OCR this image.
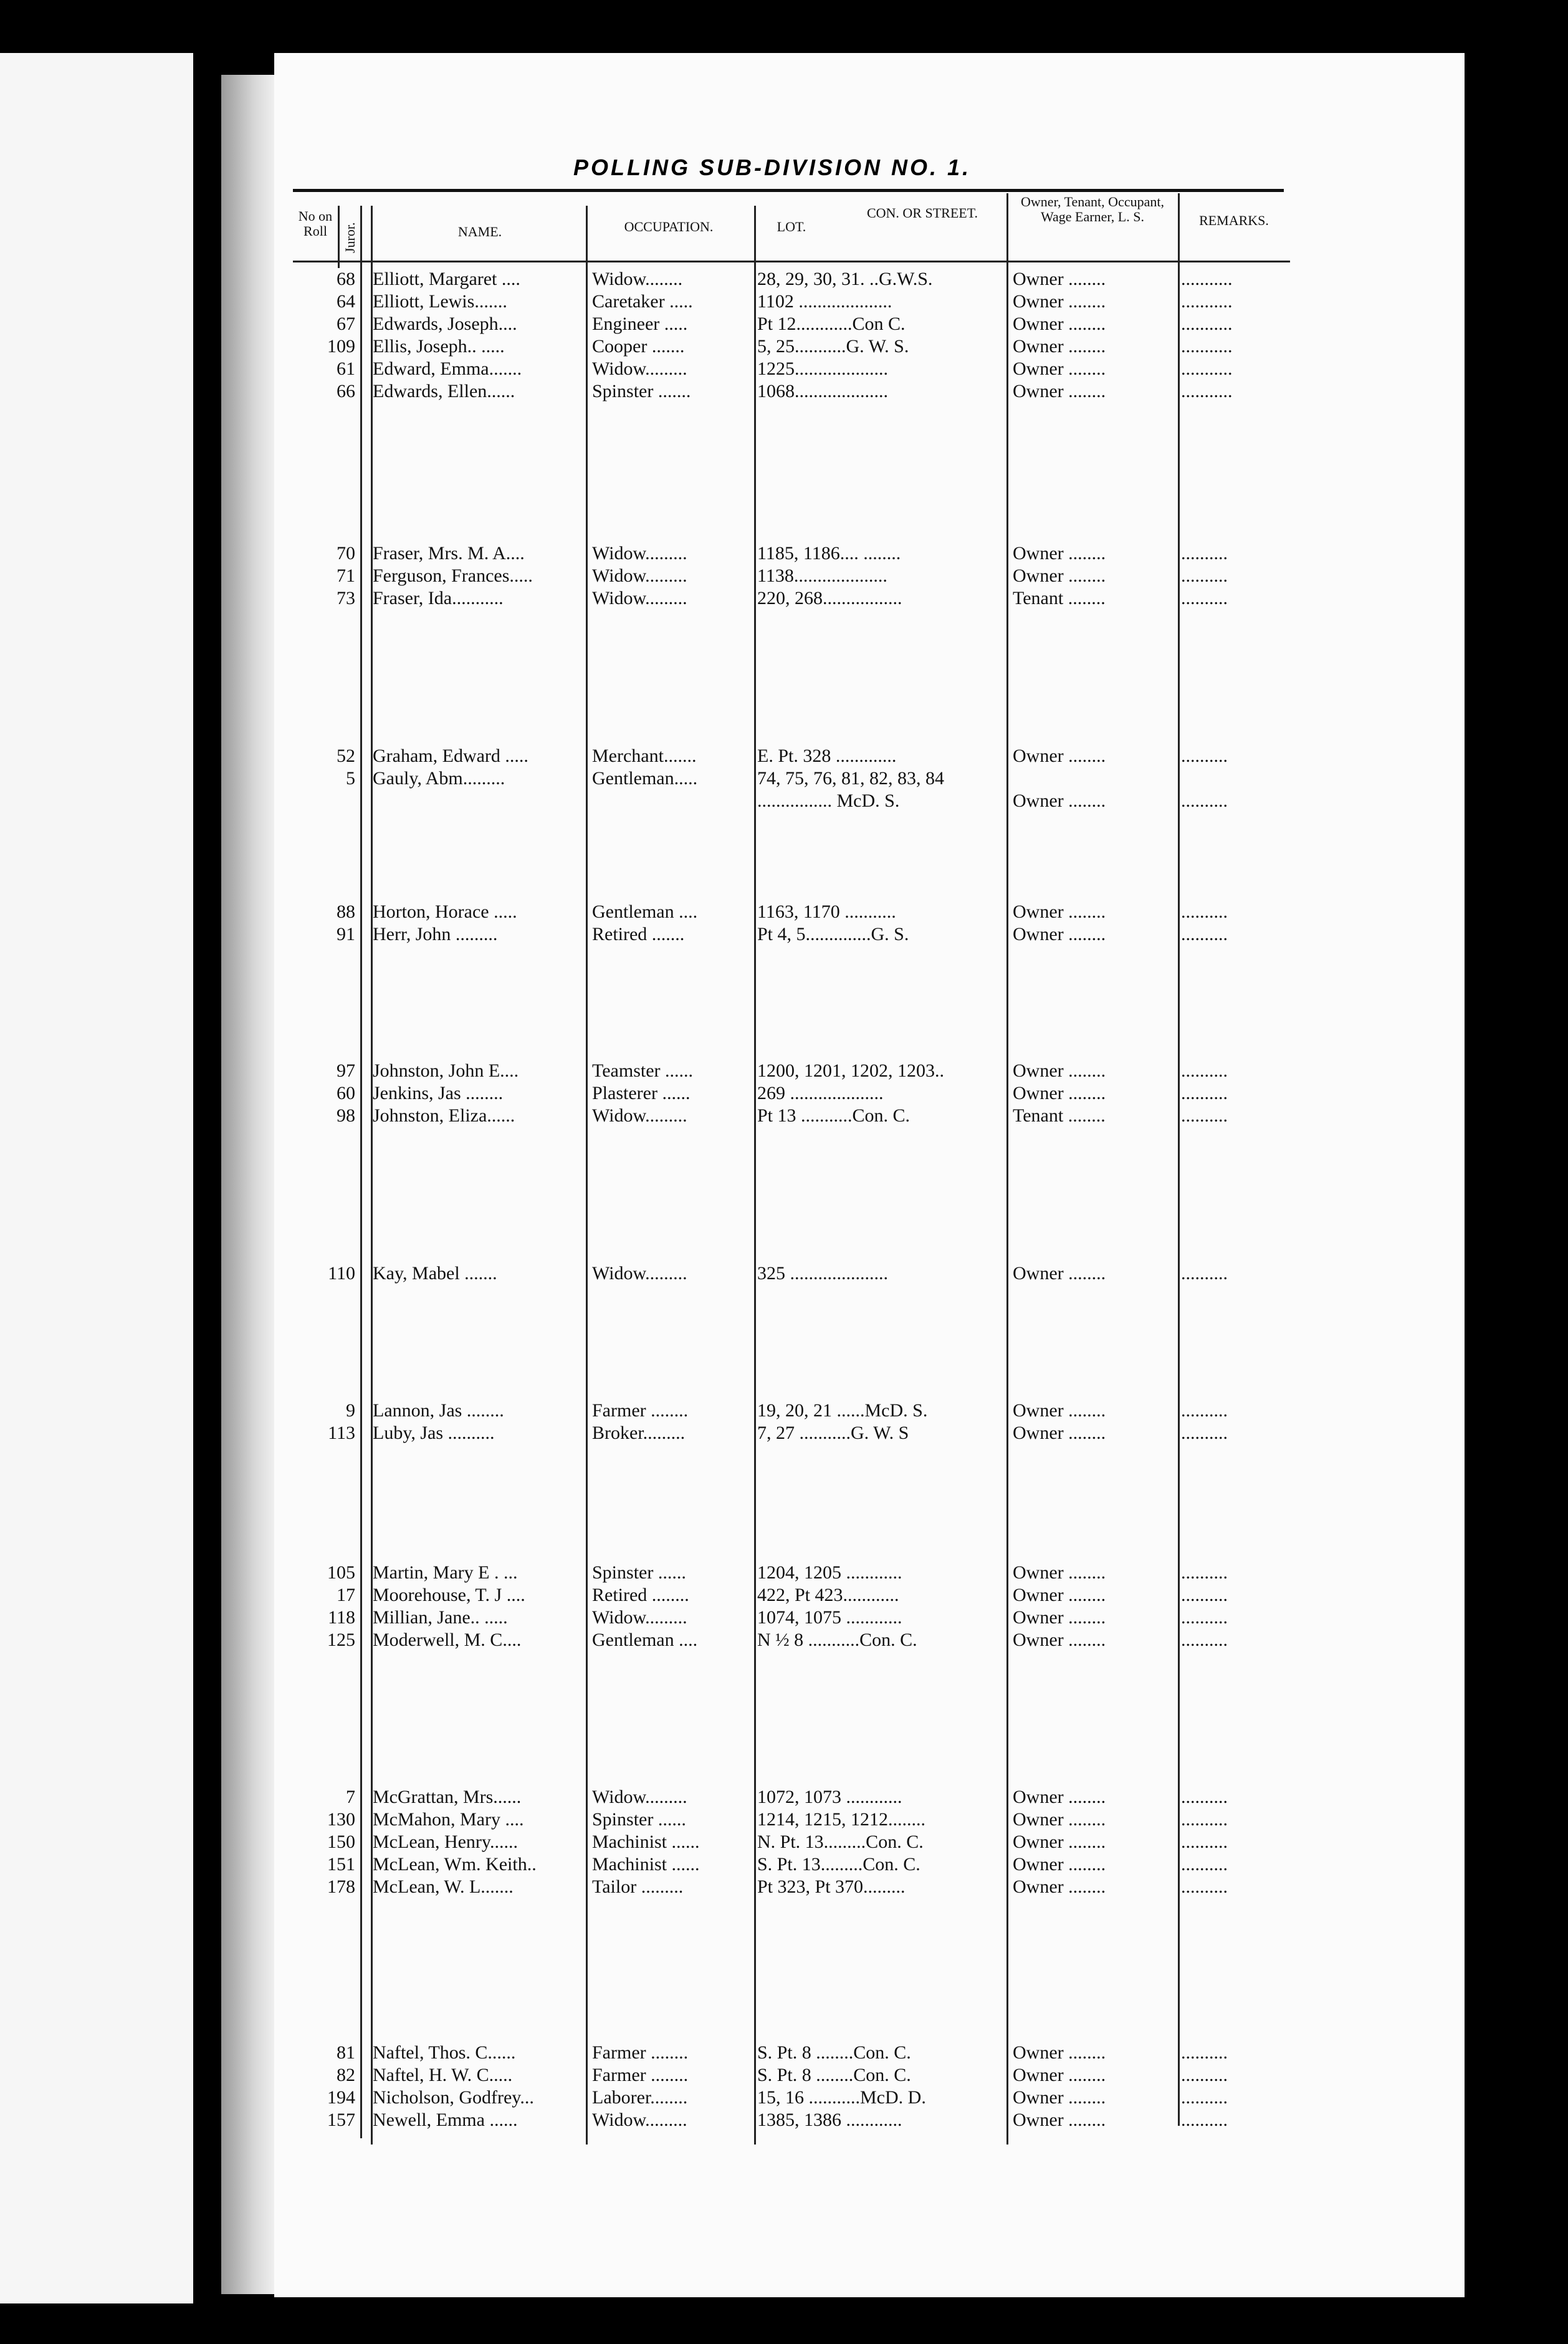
POLLING SUB-DIVISION NO. 1.
No on Roll	Juror.	NAME.	OCCUPATION.	LOT.
CON. OR STREET.
Owner, Tenant, Occupant, Wage Earner, L. S.	REMARKS.
68 Elliott, Margaret ....	Widow........	28, 29, 30, 31. ..G.W.S.	Owner ........	...........
64 Elliott, Lewis.......	Caretaker .....	1102 ....................	Owner ........	...........
67 Edwards, Joseph....	Engineer .....	Pt 12............Con C.	Owner ........	...........
109 Ellis, Joseph.. .....	Cooper .......	5, 25...........G. W. S.	Owner ........	...........
61 Edward, Emma.......	Widow.........	1225....................	Owner ........	...........
66 Edwards, Ellen......	Spinster .......	1068....................	Owner ........	...........
70 Fraser, Mrs. M. A....	Widow.........	1185, 1186.... ........	Owner ........	..........
71 Ferguson, Frances.....	Widow.........	1138....................	Owner ........	..........
73 Fraser, Ida...........	Widow.........	220, 268.................	Tenant ........	..........
52 Graham, Edward .....	Merchant.......	E. Pt. 328 .............	Owner ........	..........
5 Gauly, Abm.........	Gentleman.....	74, 75, 76, 81, 82, 83, 84
................ McD. S.	Owner ........	..........
88 Horton, Horace .....	Gentleman ....	1163, 1170 ...........	Owner ........	..........
91 Herr, John .........	Retired .......	Pt 4, 5..............G. S.	Owner ........	..........
97 Johnston, John E....	Teamster ......	1200, 1201, 1202, 1203..	Owner ........	..........
60 Jenkins, Jas ........	Plasterer ......	269 ....................	Owner ........	..........
98 Johnston, Eliza......	Widow.........	Pt 13 ...........Con. C.	Tenant ........	..........
110 Kay, Mabel .......	Widow.........	325 .....................	Owner ........	..........
9 Lannon, Jas ........	Farmer ........	19, 20, 21 ......McD. S.	Owner ........	..........
113 Luby, Jas ..........	Broker.........	7, 27 ...........G. W. S	Owner ........	..........
105 Martin, Mary E . ...	Spinster ......	1204, 1205 ............	Owner ........	..........
17 Moorehouse, T. J ....	Retired ........	422, Pt 423............	Owner ........	..........
118 Millian, Jane.. .....	Widow.........	1074, 1075 ............	Owner ........	..........
125 Moderwell, M. C....	Gentleman ....	N ½ 8 ...........Con. C.	Owner ........	..........
7 McGrattan, Mrs......	Widow.........	1072, 1073 ............	Owner ........	..........
130 McMahon, Mary ....	Spinster ......	1214, 1215, 1212........	Owner ........	..........
150 McLean, Henry......	Machinist ......	N. Pt. 13.........Con. C.	Owner ........	..........
151 McLean, Wm. Keith..	Machinist ......	S. Pt. 13.........Con. C.	Owner ........	..........
178 McLean, W. L.......	Tailor .........	Pt 323, Pt 370.........	Owner ........	..........
81 Naftel, Thos. C......	Farmer ........	S. Pt. 8 ........Con. C.	Owner ........	..........
82 Naftel, H. W. C.....	Farmer ........	S. Pt. 8 ........Con. C.	Owner ........	..........
194 Nicholson, Godfrey...	Laborer........	15, 16 ...........McD. D.	Owner ........	..........
157 Newell, Emma ......	Widow.........	1385, 1386 ............	Owner ........	..........
